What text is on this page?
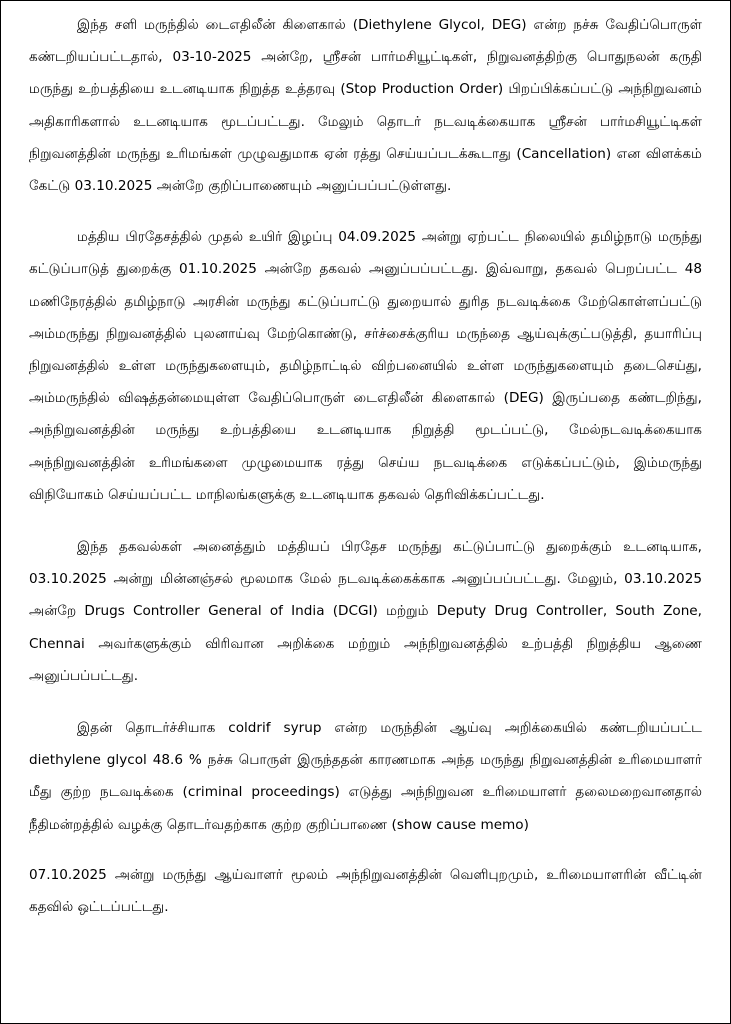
இந்த சளி மருந்தில் டைஎதிலீன் கிளைகால் (Diethylene Glycol, DEG) என்ற நச்சு வேதிப்பொருள் கண்டறியப்பட்டதால், 03-10-2025 அன்றே, ஸ்ரீசன் பார்மசியூட்டிகள், நிறுவனத்திற்கு பொதுநலன் கருதி மருந்து உற்பத்தியை உடனடியாக நிறுத்த உத்தரவு (Stop Production Order) பிறப்பிக்கப்பட்டு அந்நிறுவனம் அதிகாரிகளால் உடனடியாக மூடப்பட்டது. மேலும் தொடர் நடவடிக்கையாக ஸ்ரீசன் பார்மசியூட்டிகள் நிறுவனத்தின் மருந்து உரிமங்கள் முழுவதுமாக ஏன் ரத்து செய்யப்படக்கூடாது (Cancellation) என விளக்கம் கேட்டு 03.10.2025 அன்றே குறிப்பாணையும் அனுப்பப்பட்டுள்ளது.

மத்திய பிரதேசத்தில் முதல் உயிர் இழப்பு 04.09.2025 அன்று ஏற்பட்ட நிலையில் தமிழ்நாடு மருந்து கட்டுப்பாடுத் துறைக்கு 01.10.2025 அன்றே தகவல் அனுப்பப்பட்டது. இவ்வாறு, தகவல் பெறப்பட்ட 48 மணிநேரத்தில் தமிழ்நாடு அரசின் மருந்து கட்டுப்பாட்டு துறையால் துரித நடவடிக்கை மேற்கொள்ளப்பட்டு அம்மருந்து நிறுவனத்தில் புலனாய்வு மேற்கொண்டு, சர்ச்சைக்குரிய மருந்தை ஆய்வுக்குட்படுத்தி, தயாரிப்பு நிறுவனத்தில் உள்ள மருந்துகளையும், தமிழ்நாட்டில் விற்பனையில் உள்ள மருந்துகளையும் தடைசெய்து, அம்மருந்தில் விஷத்தன்மையுள்ள வேதிப்பொருள் டைஎதிலீன் கிளைகால் (DEG) இருப்பதை கண்டறிந்து, அந்நிறுவனத்தின் மருந்து உற்பத்தியை உடனடியாக நிறுத்தி மூடப்பட்டு, மேல்நடவடிக்கையாக அந்நிறுவனத்தின் உரிமங்களை முழுமையாக ரத்து செய்ய நடவடிக்கை எடுக்கப்பட்டும், இம்மருந்து விநியோகம் செய்யப்பட்ட மாநிலங்களுக்கு உடனடியாக தகவல் தெரிவிக்கப்பட்டது.

இந்த தகவல்கள் அனைத்தும் மத்தியப் பிரதேச மருந்து கட்டுப்பாட்டு துறைக்கும் உடனடியாக, 03.10.2025 அன்று மின்னஞ்சல் மூலமாக மேல் நடவடிக்கைக்காக அனுப்பப்பட்டது. மேலும், 03.10.2025 அன்றே Drugs Controller General of India (DCGI) மற்றும் Deputy Drug Controller, South Zone, Chennai அவர்களுக்கும் விரிவான அறிக்கை மற்றும் அந்நிறுவனத்தில் உற்பத்தி நிறுத்திய ஆணை அனுப்பப்பட்டது.

இதன் தொடர்ச்சியாக coldrif syrup என்ற மருந்தின் ஆய்வு அறிக்கையில் கண்டறியப்பட்ட diethylene glycol 48.6 % நச்சு பொருள் இருந்ததன் காரணமாக அந்த மருந்து நிறுவனத்தின் உரிமையாளர் மீது குற்ற நடவடிக்கை (criminal proceedings) எடுத்து அந்நிறுவன உரிமையாளர் தலைமறைவானதால் நீதிமன்றத்தில் வழக்கு தொடர்வதற்காக குற்ற குறிப்பாணை (show cause memo)

07.10.2025 அன்று மருந்து ஆய்வாளர் மூலம் அந்நிறுவனத்தின் வெளிபுறமும், உரிமையாளரின் வீட்டின் கதவில் ஒட்டப்பட்டது.
